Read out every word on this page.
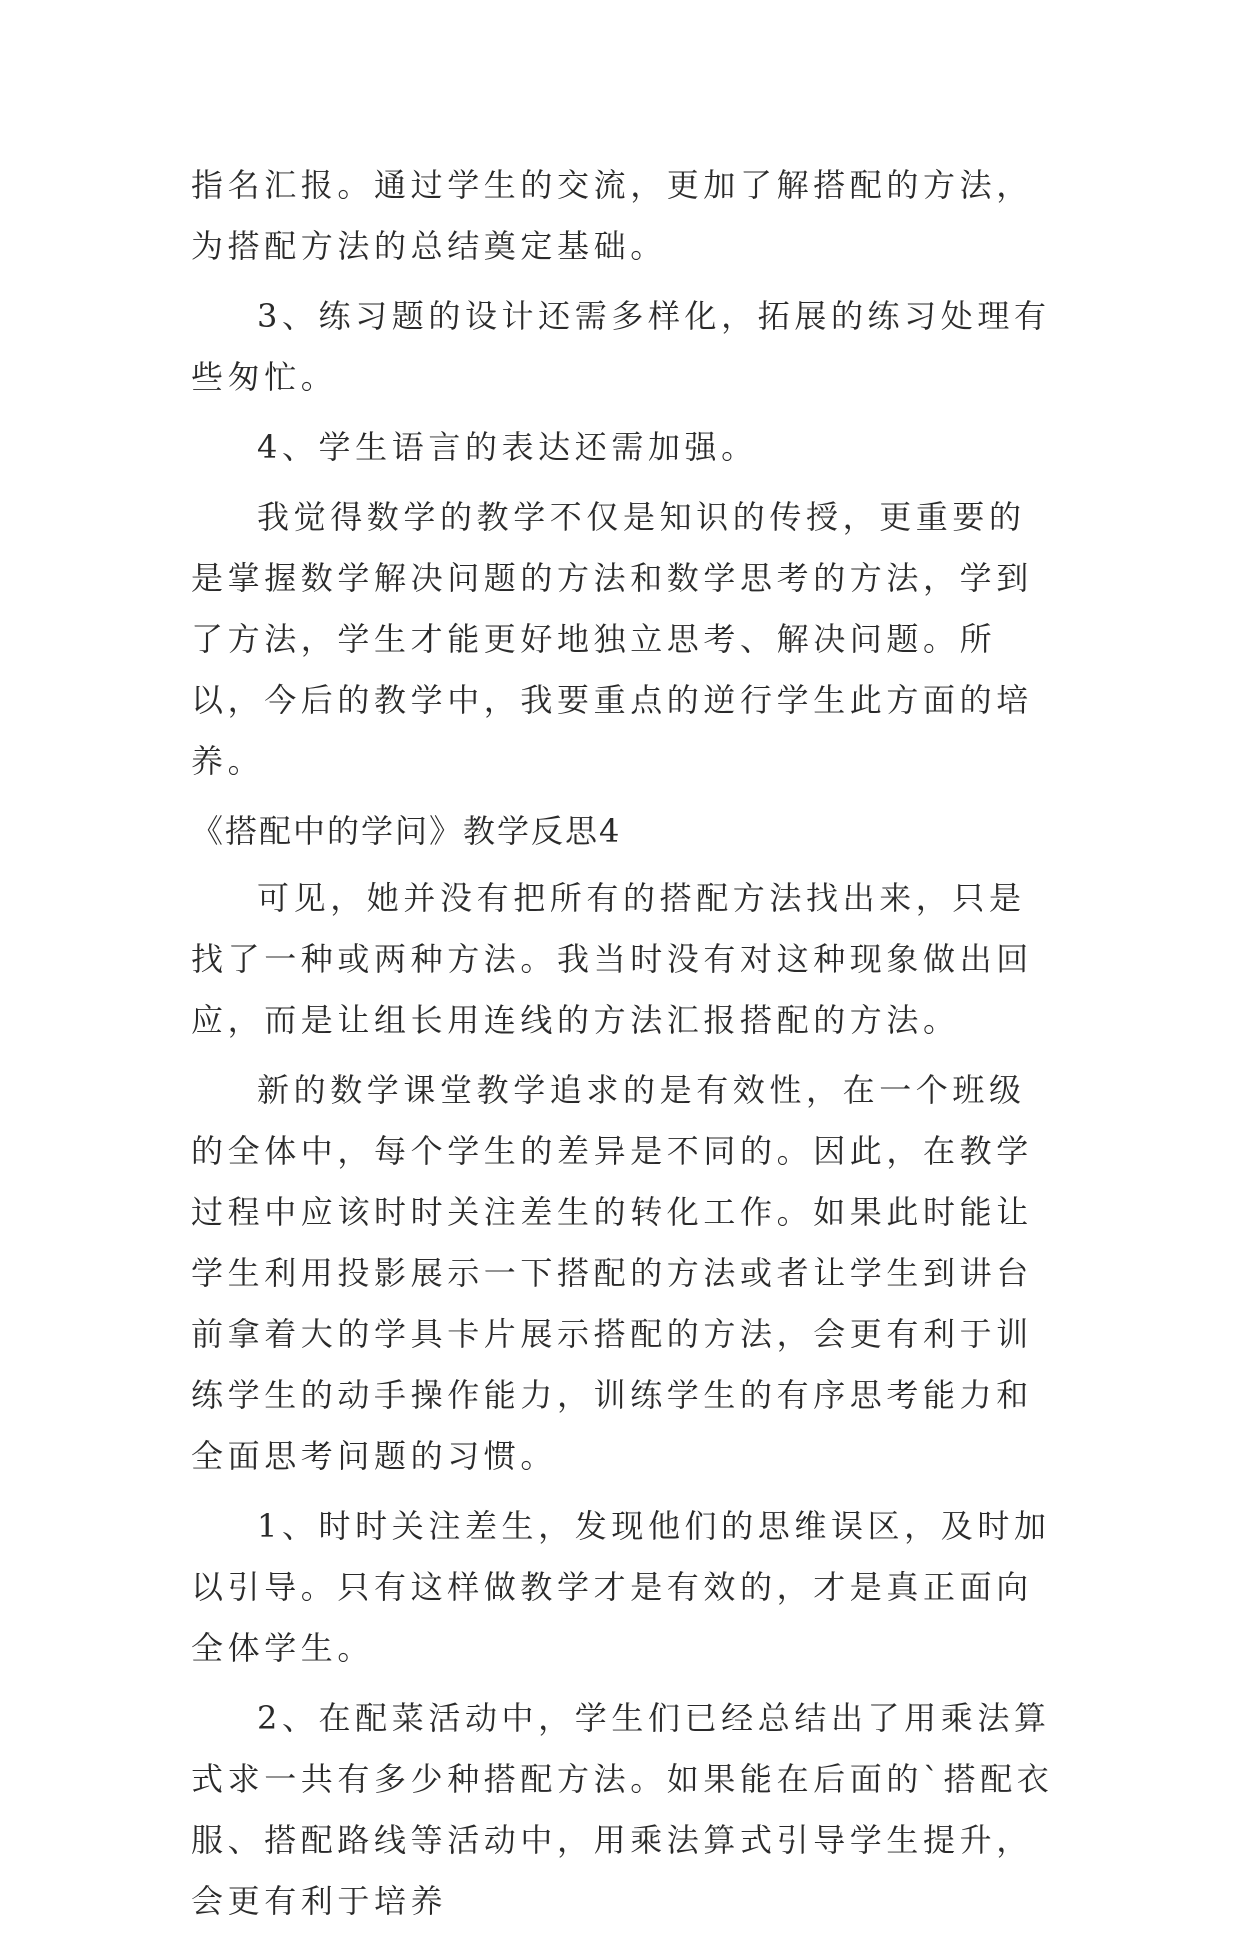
指名汇报。通过学生的交流，更加了解搭配的方法，为搭配方法的总结奠定基础。

3、练习题的设计还需多样化，拓展的练习处理有些匆忙。

4、学生语言的表达还需加强。

我觉得数学的教学不仅是知识的传授，更重要的是掌握数学解决问题的方法和数学思考的方法，学到了方法，学生才能更好地独立思考、解决问题。所以，今后的教学中，我要重点的逆行学生此方面的培养。

《搭配中的学问》教学反思4

可见，她并没有把所有的搭配方法找出来，只是找了一种或两种方法。我当时没有对这种现象做出回应，而是让组长用连线的方法汇报搭配的方法。

新的数学课堂教学追求的是有效性，在一个班级的全体中，每个学生的差异是不同的。因此，在教学过程中应该时时关注差生的转化工作。如果此时能让学生利用投影展示一下搭配的方法或者让学生到讲台前拿着大的学具卡片展示搭配的方法，会更有利于训练学生的动手操作能力，训练学生的有序思考能力和全面思考问题的习惯。

1、时时关注差生，发现他们的思维误区，及时加以引导。只有这样做教学才是有效的，才是真正面向全体学生。

2、在配菜活动中，学生们已经总结出了用乘法算式求一共有多少种搭配方法。如果能在后面的`搭配衣服、搭配路线等活动中，用乘法算式引导学生提升，会更有利于培养
